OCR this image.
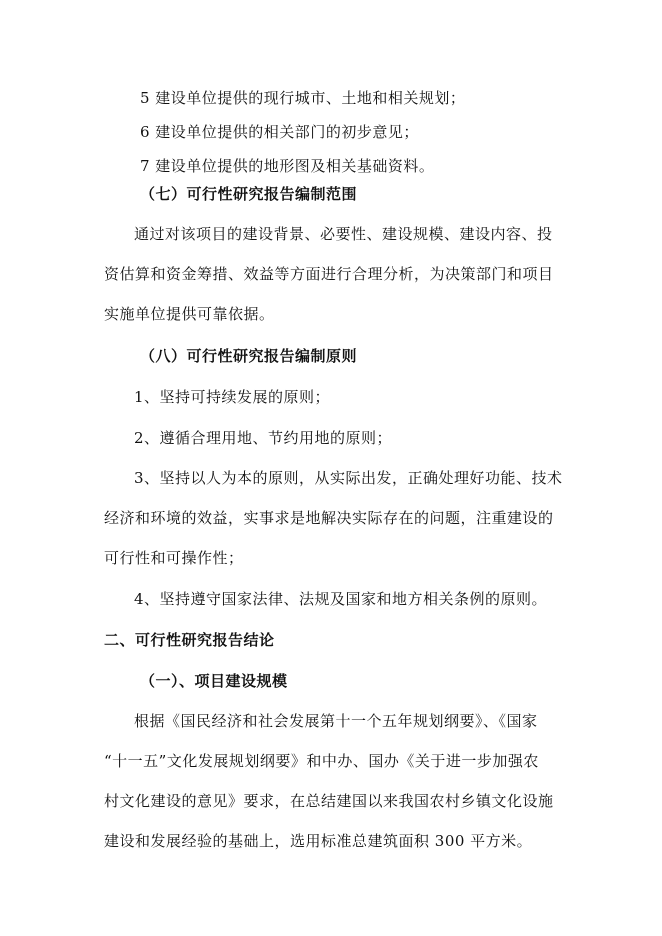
5 建设单位提供的现行城市、土地和相关规划；
6 建设单位提供的相关部门的初步意见；
7 建设单位提供的地形图及相关基础资料。
（七）可行性研究报告编制范围
通过对该项目的建设背景、必要性、建设规模、建设内容、投
资估算和资金筹措、效益等方面进行合理分析，为决策部门和项目
实施单位提供可靠依据。
（八）可行性研究报告编制原则
1、坚持可持续发展的原则；
2、遵循合理用地、节约用地的原则；
3、坚持以人为本的原则，从实际出发，正确处理好功能、技术
经济和环境的效益，实事求是地解决实际存在的问题，注重建设的
可行性和可操作性；
4、坚持遵守国家法律、法规及国家和地方相关条例的原则。
二、可行性研究报告结论
（一）、项目建设规模
根据《国民经济和社会发展第十一个五年规划纲要》、《国家
“十一五”文化发展规划纲要》和中办、国办《关于进一步加强农
村文化建设的意见》要求，在总结建国以来我国农村乡镇文化设施
建设和发展经验的基础上，选用标准总建筑面积 300 平方米。
